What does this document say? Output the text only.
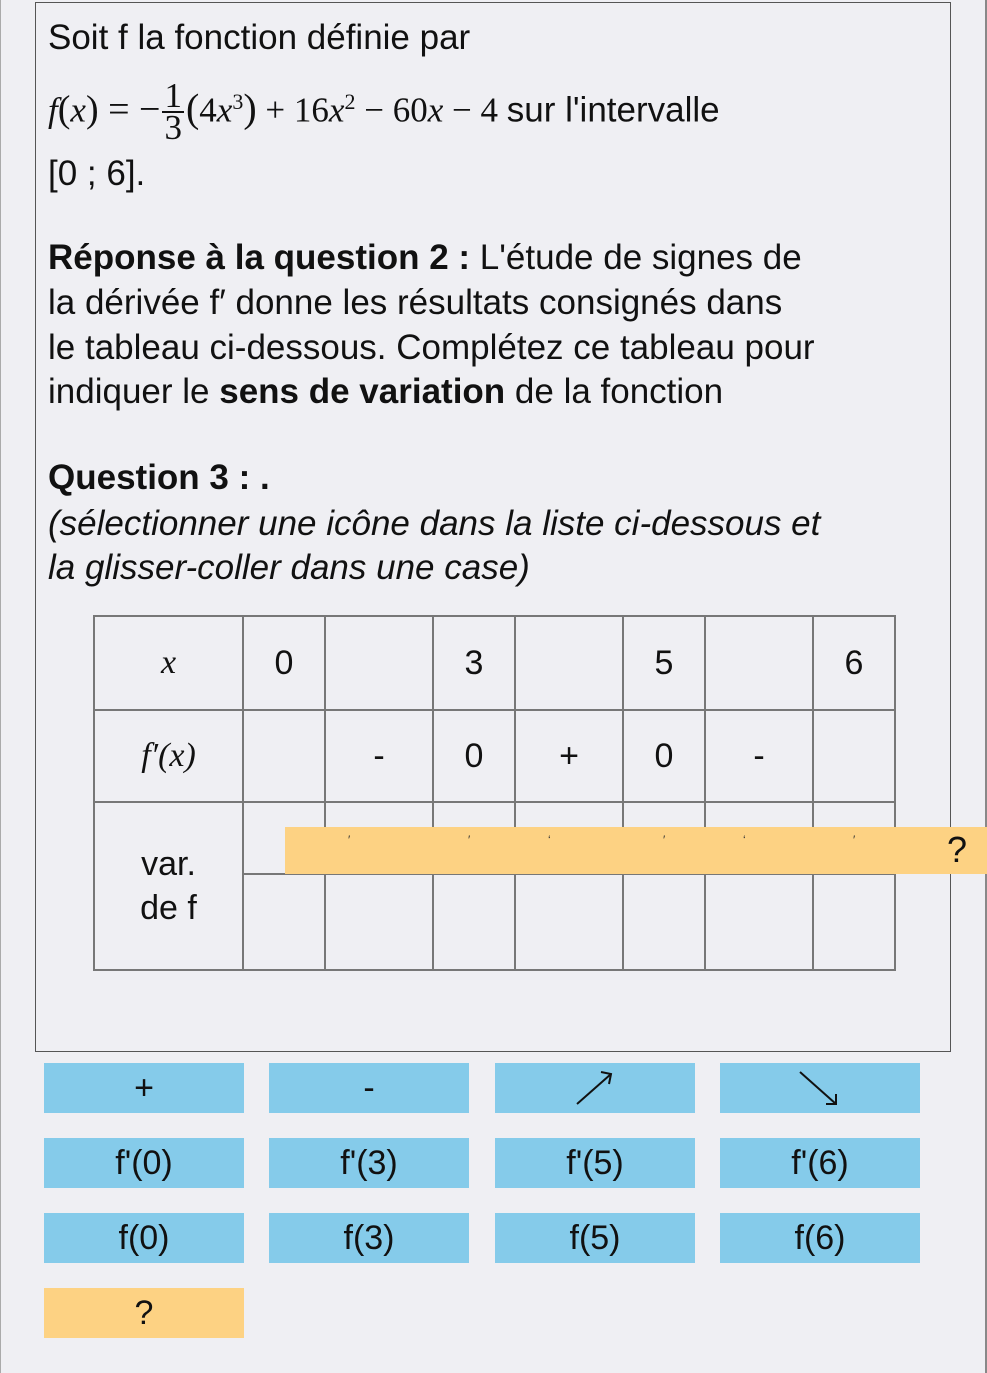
Soit f la fonction définie par
f(x) = − $\frac{1}{3} (4x^3) + 16x^2 - 60x - 4$ sur l'intervalle
[0 ; 6].
Réponse à la question 2 : L'étude de signes de
la dérivée f′ donne les résultats consignés dans
le tableau ci-dessous. Complétez ce tableau pour
indiquer le sens de variation de la fonction
Question 3 : .
(sélectionner une icône dans la liste ci-dessous et
la glisser-coller dans une case)
x	0		3		5		6
f′(x)		-	0	+	0	-	
var.
de f							

′	′	‘	′	‘	′	?
+	-
f'(0)	f'(3)	f'(5)	f'(6)
f(0)	f(3)	f(5)	f(6)
?
